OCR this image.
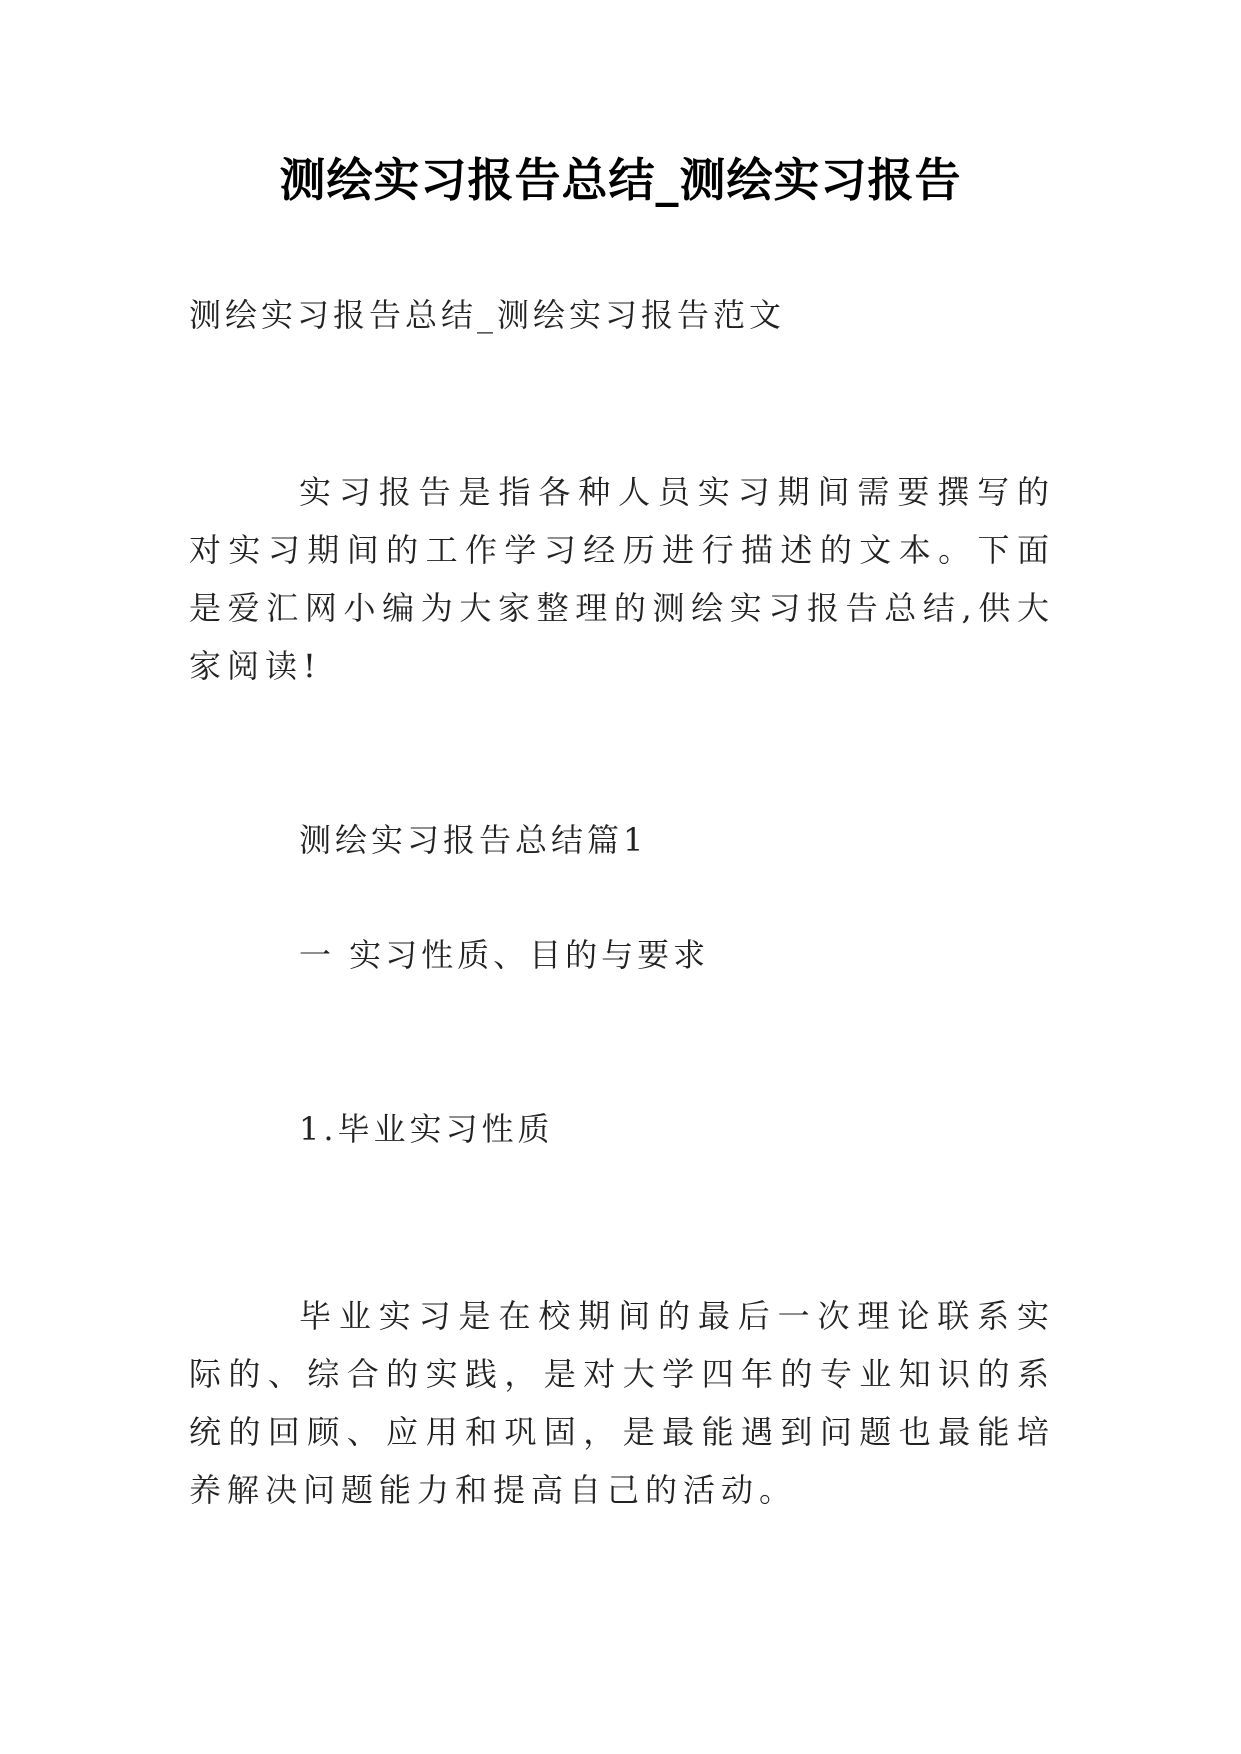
测绘实习报告总结_测绘实习报告
测绘实习报告总结_测绘实习报告范文
实习报告是指各种人员实习期间需要撰写的对实习期间的工作学习经历进行描述的文本。下面是爱汇网小编为大家整理的测绘实习报告总结,供大家阅读!
测绘实习报告总结篇1
一 实习性质、目的与要求
1.毕业实习性质
毕业实习是在校期间的最后一次理论联系实际的、综合的实践，是对大学四年的专业知识的系统的回顾、应用和巩固，是最能遇到问题也最能培养解决问题能力和提高自己的活动。
